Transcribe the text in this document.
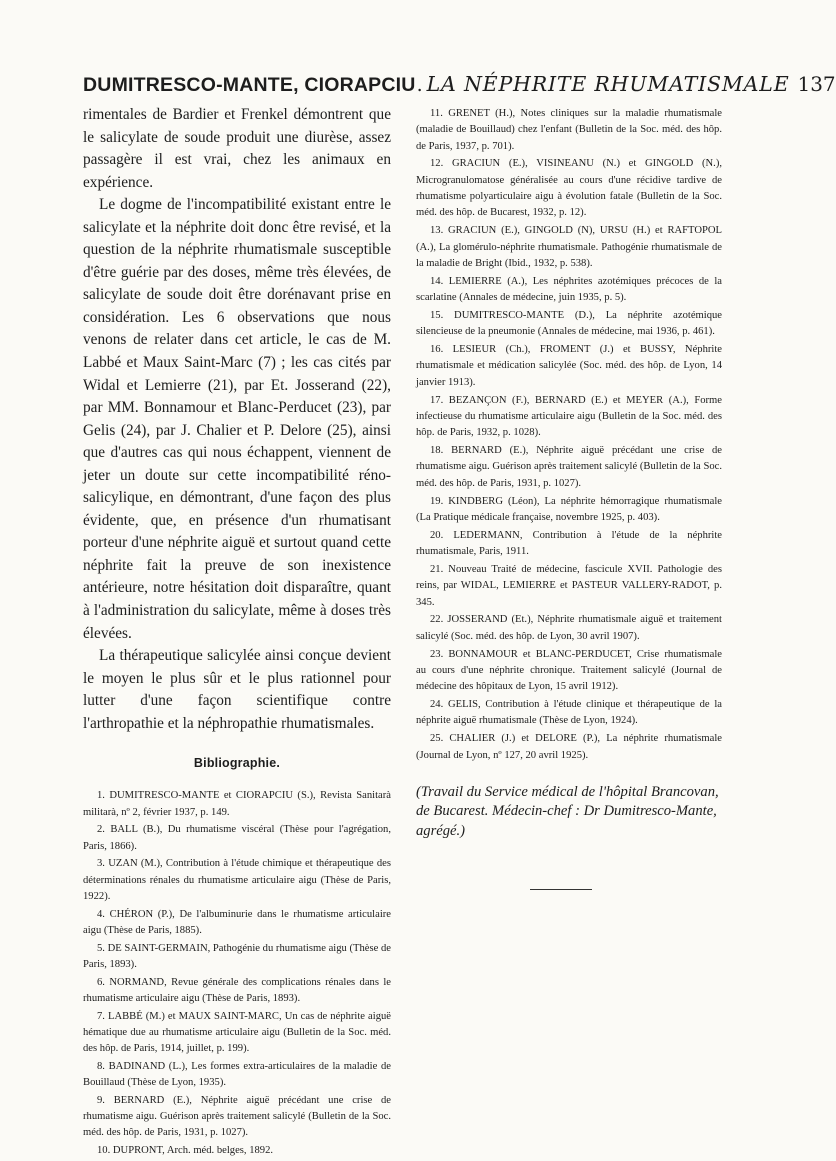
DUMITRESCO-MANTE, CIORAPCIU . LA NÉPHRITE RHUMATISMALE 137

rimentales de Bardier et Frenkel démontrent que le salicylate de soude produit une diurèse, assez passagère il est vrai, chez les animaux en expérience.

Le dogme de l'incompatibilité existant entre le salicylate et la néphrite doit donc être revisé, et la question de la néphrite rhumatismale susceptible d'être guérie par des doses, même très élevées, de salicylate de soude doit être dorénavant prise en considération. Les 6 observations que nous venons de relater dans cet article, le cas de M. Labbé et Maux Saint-Marc (7) ; les cas cités par Widal et Lemierre (21), par Et. Josserand (22), par MM. Bonnamour et Blanc-Perducet (23), par Gelis (24), par J. Chalier et P. Delore (25), ainsi que d'autres cas qui nous échappent, viennent de jeter un doute sur cette incompatibilité réno-salicylique, en démontrant, d'une façon des plus évidente, que, en présence d'un rhumatisant porteur d'une néphrite aiguë et surtout quand cette néphrite fait la preuve de son inexistence antérieure, notre hésitation doit disparaître, quant à l'administration du salicylate, même à doses très élevées.

La thérapeutique salicylée ainsi conçue devient le moyen le plus sûr et le plus rationnel pour lutter d'une façon scientifique contre l'arthropathie et la néphropathie rhumatismales.

Bibliographie.

1. DUMITRESCO-MANTE et CIORAPCIU (S.), Revista Sanitarà militarà, nº 2, février 1937, p. 149.

2. BALL (B.), Du rhumatisme viscéral (Thèse pour l'agrégation, Paris, 1866).

3. UZAN (M.), Contribution à l'étude chimique et thérapeutique des déterminations rénales du rhumatisme articulaire aigu (Thèse de Paris, 1922).

4. CHÉRON (P.), De l'albuminurie dans le rhumatisme articulaire aigu (Thèse de Paris, 1885).

5. DE SAINT-GERMAIN, Pathogénie du rhumatisme aigu (Thèse de Paris, 1893).

6. NORMAND, Revue générale des complications rénales dans le rhumatisme articulaire aigu (Thèse de Paris, 1893).

7. LABBÉ (M.) et MAUX SAINT-MARC, Un cas de néphrite aiguë hématique due au rhumatisme articulaire aigu (Bulletin de la Soc. méd. des hôp. de Paris, 1914, juillet, p. 199).

8. BADINAND (L.), Les formes extra-articulaires de la maladie de Bouillaud (Thèse de Lyon, 1935).

9. BERNARD (E.), Néphrite aiguë précédant une crise de rhumatisme aigu. Guérison après traitement salicylé (Bulletin de la Soc. méd. des hôp. de Paris, 1931, p. 1027).

10. DUPRONT, Arch. méd. belges, 1892.

11. GRENET (H.), Notes cliniques sur la maladie rhumatismale (maladie de Bouillaud) chez l'enfant (Bulletin de la Soc. méd. des hôp. de Paris, 1937, p. 701).

12. GRACIUN (E.), VISINEANU (N.) et GINGOLD (N.), Microgranulomatose généralisée au cours d'une récidive tardive de rhumatisme polyarticulaire aigu à évolution fatale (Bulletin de la Soc. méd. des hôp. de Bucarest, 1932, p. 12).

13. GRACIUN (E.), GINGOLD (N), URSU (H.) et RAFTOPOL (A.), La glomérulo-néphrite rhumatismale. Pathogénie rhumatismale de la maladie de Bright (Ibid., 1932, p. 538).

14. LEMIERRE (A.), Les néphrites azotémiques précoces de la scarlatine (Annales de médecine, juin 1935, p. 5).

15. DUMITRESCO-MANTE (D.), La néphrite azotémique silencieuse de la pneumonie (Annales de médecine, mai 1936, p. 461).

16. LESIEUR (Ch.), FROMENT (J.) et BUSSY, Néphrite rhumatismale et médication salicylée (Soc. méd. des hôp. de Lyon, 14 janvier 1913).

17. BEZANÇON (F.), BERNARD (E.) et MEYER (A.), Forme infectieuse du rhumatisme articulaire aigu (Bulletin de la Soc. méd. des hôp. de Paris, 1932, p. 1028).

18. BERNARD (E.), Néphrite aiguë précédant une crise de rhumatisme aigu. Guérison après traitement salicylé (Bulletin de la Soc. méd. des hôp. de Paris, 1931, p. 1027).

19. KINDBERG (Léon), La néphrite hémorragique rhumatismale (La Pratique médicale française, novembre 1925, p. 403).

20. LEDERMANN, Contribution à l'étude de la néphrite rhumatismale, Paris, 1911.

21. Nouveau Traité de médecine, fascicule XVII. Pathologie des reins, par WIDAL, LEMIERRE et PASTEUR VALLERY-RADOT, p. 345.

22. JOSSERAND (Et.), Néphrite rhumatismale aiguë et traitement salicylé (Soc. méd. des hôp. de Lyon, 30 avril 1907).

23. BONNAMOUR et BLANC-PERDUCET, Crise rhumatismale au cours d'une néphrite chronique. Traitement salicylé (Journal de médecine des hôpitaux de Lyon, 15 avril 1912).

24. GELIS, Contribution à l'étude clinique et thérapeutique de la néphrite aiguë rhumatismale (Thèse de Lyon, 1924).

25. CHALIER (J.) et DELORE (P.), La néphrite rhumatismale (Journal de Lyon, nº 127, 20 avril 1925).

(Travail du Service médical de l'hôpital Brancovan, de Bucarest. Médecin-chef : Dr Dumitresco-Mante, agrégé.)
